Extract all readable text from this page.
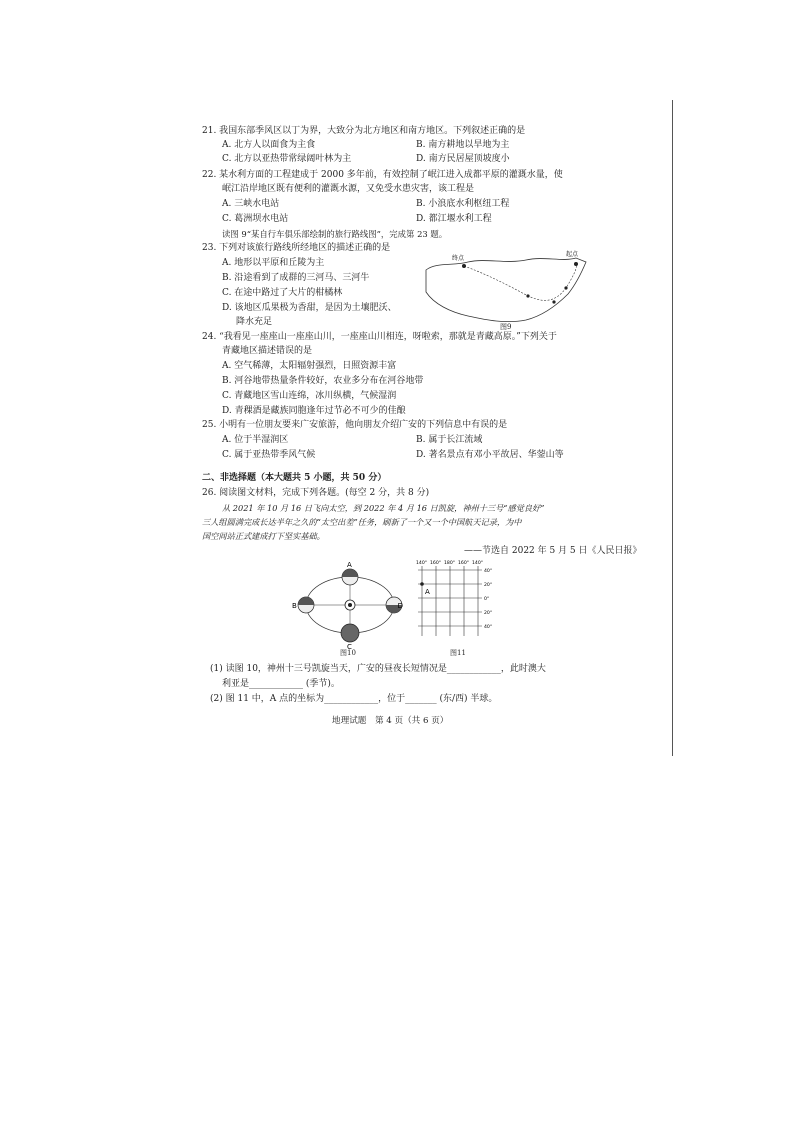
21. 我国东部季风区以丁为界，大致分为北方地区和南方地区。下列叙述正确的是
A. 北方人以面食为主食	B. 南方耕地以旱地为主
C. 北方以亚热带常绿阔叶林为主	D. 南方民居屋顶坡度小
22. 某水利方面的工程建成于 2000 多年前，有效控制了岷江进入成都平原的灌溉水量，使
岷江沿岸地区既有便利的灌溉水源，又免受水患灾害，该工程是
A. 三峡水电站	B. 小浪底水利枢纽工程
C. 葛洲坝水电站	D. 都江堰水利工程
读图 9“某自行车俱乐部绘制的旅行路线图”，完成第 23 题。
23. 下列对该旅行路线所经地区的描述正确的是
A. 地形以平原和丘陵为主
B. 沿途看到了成群的三河马、三河牛
C. 在途中路过了大片的柑橘林
D. 该地区瓜果极为香甜，是因为土壤肥沃、
降水充足
终点
起点
图9
24. “我看见一座座山一座座山川，一座座山川相连，呀啦索，那就是青藏高原。”下列关于
青藏地区描述错误的是
A. 空气稀薄，太阳辐射强烈，日照资源丰富
B. 河谷地带热量条件较好，农业多分布在河谷地带
C. 青藏地区雪山连绵，冰川纵横，气候湿润
D. 青稞酒是藏族同胞逢年过节必不可少的佳酿
25. 小明有一位朋友要来广安旅游，他向朋友介绍广安的下列信息中有误的是
A. 位于半湿润区	B. 属于长江流域
C. 属于亚热带季风气候	D. 著名景点有邓小平故居、华蓥山等
二、非选择题（本大题共 5 小题，共 50 分）
26. 阅读图文材料，完成下列各题。(每空 2 分，共 8 分)
从 2021 年 10 月 16 日飞向太空，到 2022 年 4 月 16 日凯旋，神州十三号“感觉良好”
三人组圆满完成长达半年之久的“太空出差”任务，刷新了一个又一个中国航天记录，为中
国空间站正式建成打下坚实基础。
——节选自 2022 年 5 月 5 日《人民日报》
A
B
C
D
图10
A
140° 160° 180° 160° 140°
40°
20°
0°
20°
40°
图11
(1) 读图 10，神州十三号凯旋当天，广安的昼夜长短情况是____________，此时澳大
利亚是____________ (季节)。
(2) 图 11 中，A 点的坐标为____________，位于_______ (东/西) 半球。
地理试题　第 4 页（共 6 页）
